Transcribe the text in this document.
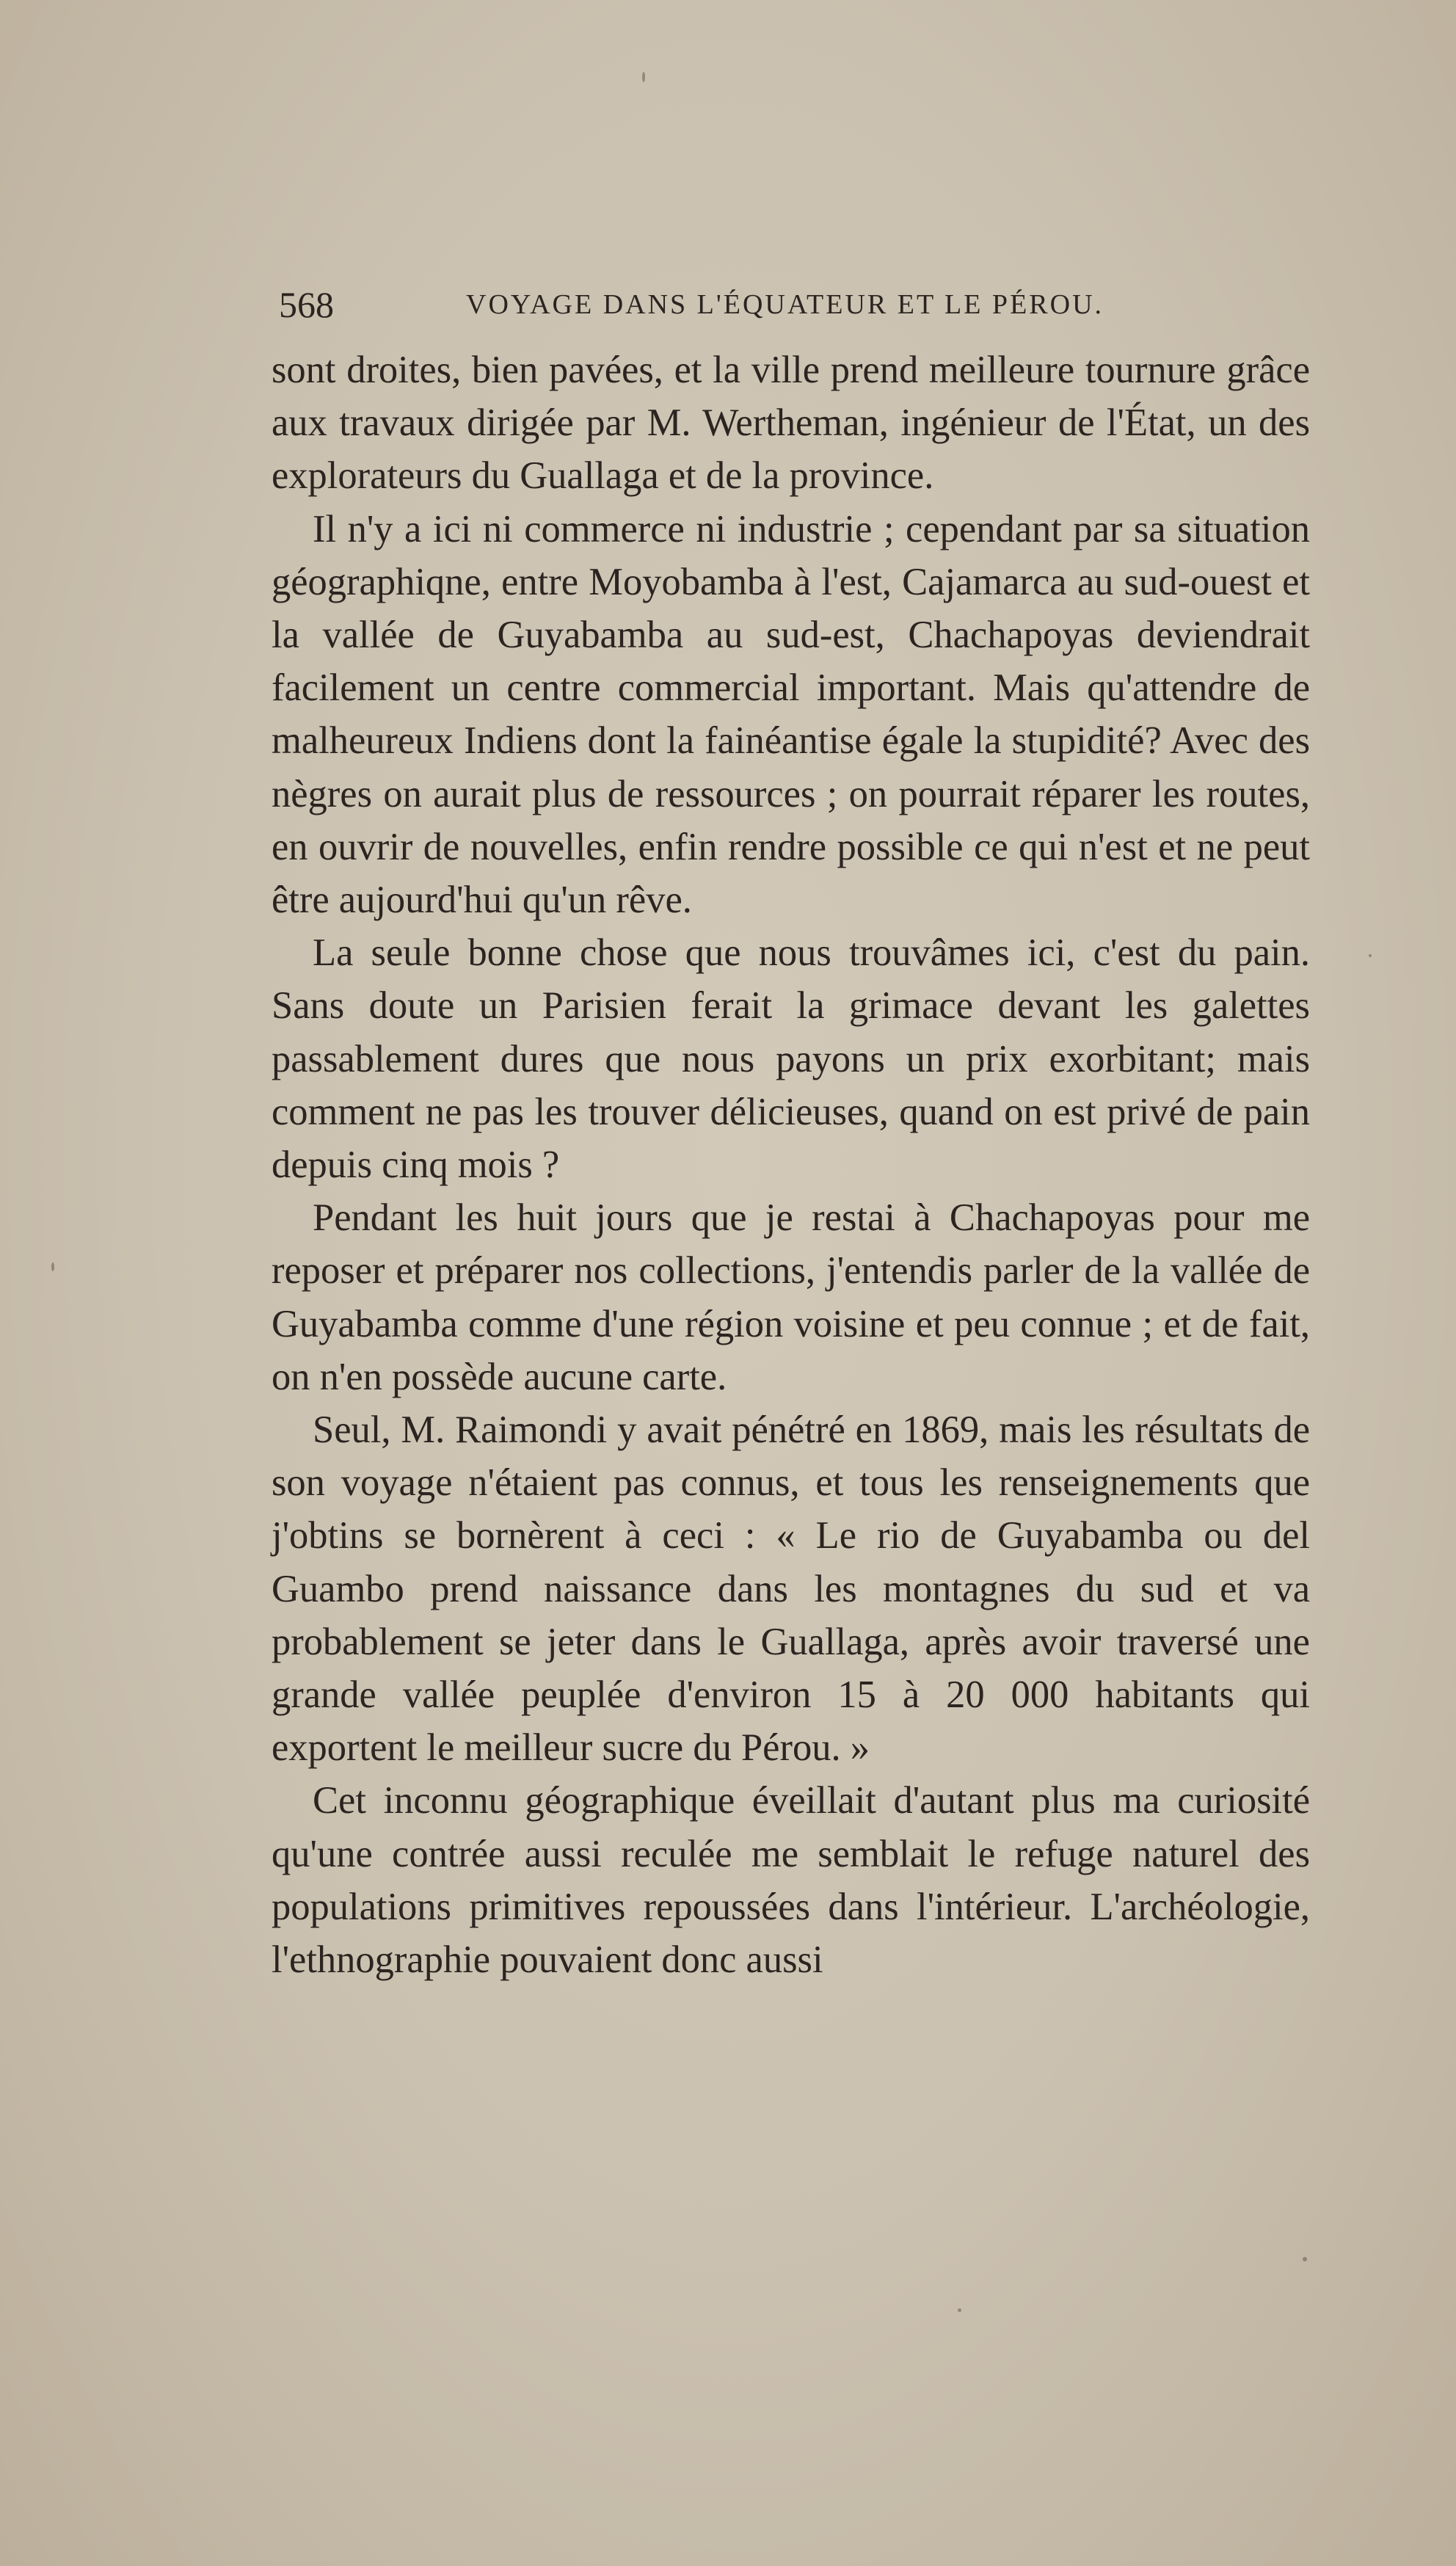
568	VOYAGE DANS L'ÉQUATEUR ET LE PÉROU.

sont droites, bien pavées, et la ville prend meilleure tournure grâce aux travaux dirigée par M. Wertheman, ingénieur de l'État, un des explorateurs du Guallaga et de la province.

Il n'y a ici ni commerce ni industrie ; cependant par sa situation géographiqne, entre Moyobamba à l'est, Cajamarca au sud-ouest et la vallée de Guyabamba au sud-est, Chachapoyas deviendrait facilement un centre commercial important. Mais qu'attendre de malheureux Indiens dont la fainéantise égale la stupidité? Avec des nègres on aurait plus de ressources ; on pourrait réparer les routes, en ouvrir de nouvelles, enfin rendre possible ce qui n'est et ne peut être aujourd'hui qu'un rêve.

La seule bonne chose que nous trouvâmes ici, c'est du pain. Sans doute un Parisien ferait la grimace devant les galettes passablement dures que nous payons un prix exorbitant; mais comment ne pas les trouver délicieuses, quand on est privé de pain depuis cinq mois ?

Pendant les huit jours que je restai à Chachapoyas pour me reposer et préparer nos collections, j'entendis parler de la vallée de Guyabamba comme d'une région voisine et peu connue ; et de fait, on n'en possède aucune carte.

Seul, M. Raimondi y avait pénétré en 1869, mais les résultats de son voyage n'étaient pas connus, et tous les renseignements que j'obtins se bornèrent à ceci : « Le rio de Guyabamba ou del Guambo prend naissance dans les montagnes du sud et va probablement se jeter dans le Guallaga, après avoir traversé une grande vallée peuplée d'environ 15 à 20 000 habitants qui exportent le meilleur sucre du Pérou. »

Cet inconnu géographique éveillait d'autant plus ma curiosité qu'une contrée aussi reculée me semblait le refuge naturel des populations primitives repoussées dans l'intérieur. L'archéologie, l'ethnographie pouvaient donc aussi
